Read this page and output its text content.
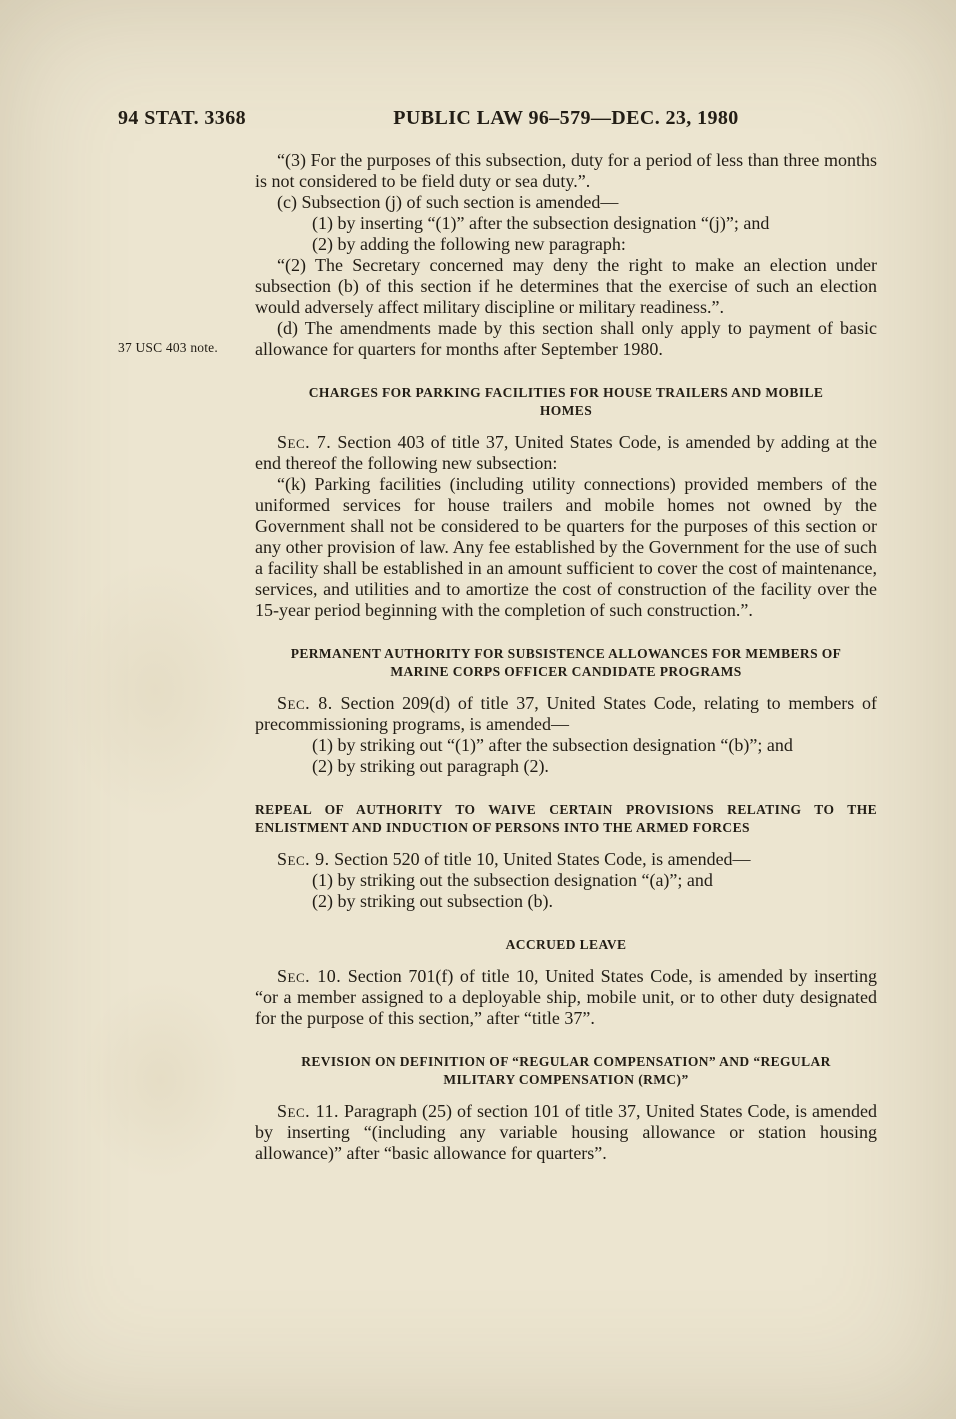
94 STAT. 3368	PUBLIC LAW 96–579—DEC. 23, 1980
37 USC 403 note.

“(3) For the purposes of this subsection, duty for a period of less than three months is not considered to be field duty or sea duty.”.

(c) Subsection (j) of such section is amended—

(1) by inserting “(1)” after the subsection designation “(j)”; and

(2) by adding the following new paragraph:

“(2) The Secretary concerned may deny the right to make an election under subsection (b) of this section if he determines that the exercise of such an election would adversely affect military discipline or military readiness.”.

(d) The amendments made by this section shall only apply to payment of basic allowance for quarters for months after September 1980.

CHARGES FOR PARKING FACILITIES FOR HOUSE TRAILERS AND MOBILE HOMES

Sec. 7. Section 403 of title 37, United States Code, is amended by adding at the end thereof the following new subsection:

“(k) Parking facilities (including utility connections) provided members of the uniformed services for house trailers and mobile homes not owned by the Government shall not be considered to be quarters for the purposes of this section or any other provision of law. Any fee established by the Government for the use of such a facility shall be established in an amount sufficient to cover the cost of maintenance, services, and utilities and to amortize the cost of construction of the facility over the 15-year period beginning with the completion of such construction.”.

PERMANENT AUTHORITY FOR SUBSISTENCE ALLOWANCES FOR MEMBERS OF MARINE CORPS OFFICER CANDIDATE PROGRAMS

Sec. 8. Section 209(d) of title 37, United States Code, relating to members of precommissioning programs, is amended—

(1) by striking out “(1)” after the subsection designation “(b)”; and

(2) by striking out paragraph (2).

REPEAL OF AUTHORITY TO WAIVE CERTAIN PROVISIONS RELATING TO THE ENLISTMENT AND INDUCTION OF PERSONS INTO THE ARMED FORCES

Sec. 9. Section 520 of title 10, United States Code, is amended—

(1) by striking out the subsection designation “(a)”; and

(2) by striking out subsection (b).

ACCRUED LEAVE

Sec. 10. Section 701(f) of title 10, United States Code, is amended by inserting “or a member assigned to a deployable ship, mobile unit, or to other duty designated for the purpose of this section,” after “title 37”.

REVISION ON DEFINITION OF “REGULAR COMPENSATION” AND “REGULAR MILITARY COMPENSATION (RMC)”

Sec. 11. Paragraph (25) of section 101 of title 37, United States Code, is amended by inserting “(including any variable housing allowance or station housing allowance)” after “basic allowance for quarters”.
